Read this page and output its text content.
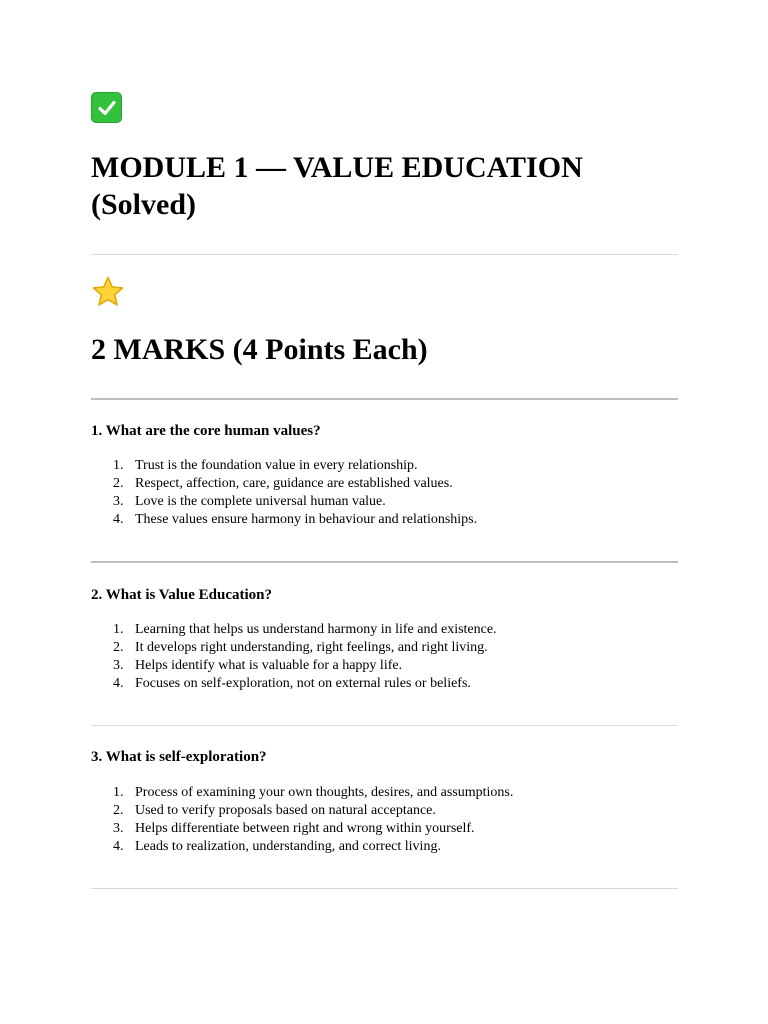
MODULE 1 — VALUE EDUCATION (Solved)
2 MARKS (4 Points Each)
1. What are the core human values?
1. Trust is the foundation value in every relationship.
2. Respect, affection, care, guidance are established values.
3. Love is the complete universal human value.
4. These values ensure harmony in behaviour and relationships.
2. What is Value Education?
1. Learning that helps us understand harmony in life and existence.
2. It develops right understanding, right feelings, and right living.
3. Helps identify what is valuable for a happy life.
4. Focuses on self-exploration, not on external rules or beliefs.
3. What is self-exploration?
1. Process of examining your own thoughts, desires, and assumptions.
2. Used to verify proposals based on natural acceptance.
3. Helps differentiate between right and wrong within yourself.
4. Leads to realization, understanding, and correct living.
